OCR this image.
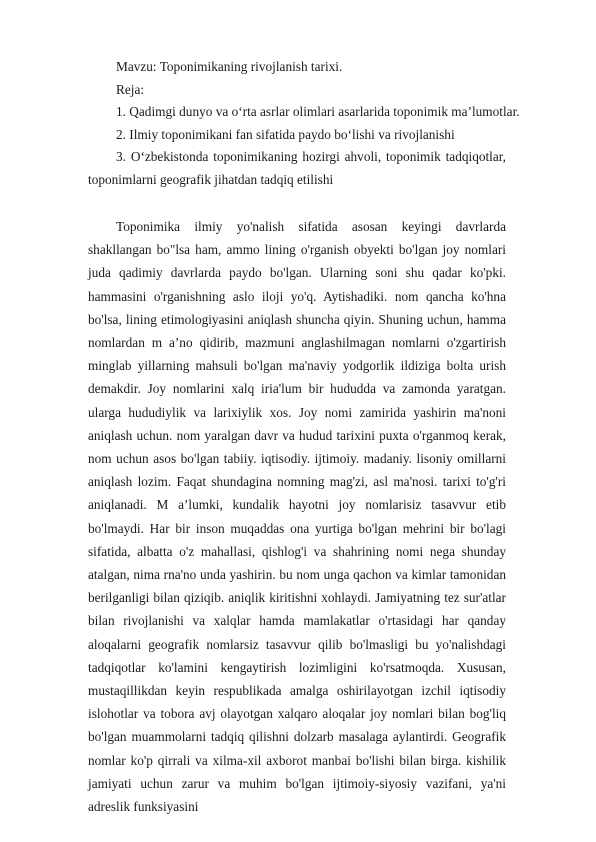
Mavzu: Toponimikaning rivojlanish tarixi.

Reja:

1. Qadimgi dunyo va o‘rta asrlar olimlari asarlarida toponimik ma’lumotlar.

2. Ilmiy toponimikani fan sifatida paydo bo‘lishi va rivojlanishi

3. O‘zbekistonda toponimikaning hozirgi ahvoli, toponimik tadqiqotlar, toponimlarni geografik jihatdan tadqiq etilishi

Toponimika ilmiy yo'nalish sifatida asosan keyingi davrlarda shakllangan bo"lsa ham, ammo lining o'rganish obyekti bo'lgan joy nomlari juda qadimiy davrlarda paydo bo'lgan. Ularning soni shu qadar ko'pki. hammasini o'rganishning aslo iloji yo'q. Aytishadiki. nom qancha ko'hna bo'lsa, lining etimologiyasini aniqlash shuncha qiyin. Shuning uchun, hamma nomlardan m a’no qidirib, mazmuni anglashilmagan nomlarni o'zgartirish minglab yillarning mahsuli bo'lgan ma'naviy yodgorlik ildiziga bolta urish demakdir. Joy nomlarini xalq iria'lum bir hududda va zamonda yaratgan. ularga hududiylik va larixiylik xos. Joy nomi zamirida yashirin ma'noni aniqlash uchun. nom yaralgan davr va hudud tarixini puxta o'rganmoq kerak, nom uchun asos bo'lgan tabiiy. iqtisodiy. ijtimoiy. madaniy. lisoniy omillarni aniqlash lozim. Faqat shundagina nomning mag'zi, asl ma'nosi. tarixi to'g'ri aniqlanadi. M a’lumki, kundalik hayotni joy nomlarisiz tasavvur etib bo'lmaydi. Har bir inson muqaddas ona yurtiga bo'lgan mehrini bir bo'lagi sifatida, albatta o'z mahallasi, qishlog'i va shahrining nomi nega shunday atalgan, nima rna'no unda yashirin. bu nom unga qachon va kimlar tamonidan berilganligi bilan qiziqib. aniqlik kiritishni xohlaydi. Jamiyatning tez sur'atlar bilan rivojlanishi va xalqlar hamda mamlakatlar o'rtasidagi har qanday aloqalarni geografik nomlarsiz tasavvur qilib bo'lmasligi bu yo'nalishdagi tadqiqotlar ko'lamini kengaytirish lozimligini ko'rsatmoqda. Xususan, mustaqillikdan keyin respublikada amalga oshirilayotgan izchil iqtisodiy islohotlar va tobora avj olayotgan xalqaro aloqalar joy nomlari bilan bog'liq bo'lgan muammolarni tadqiq qilishni dolzarb masalaga aylantirdi. Geografik nomlar ko'p qirrali va xilma-xil axborot manbai bo'lishi bilan birga. kishilik jamiyati uchun zarur va muhim bo'lgan ijtimoiy-siyosiy vazifani, ya'ni adreslik funksiyasini
